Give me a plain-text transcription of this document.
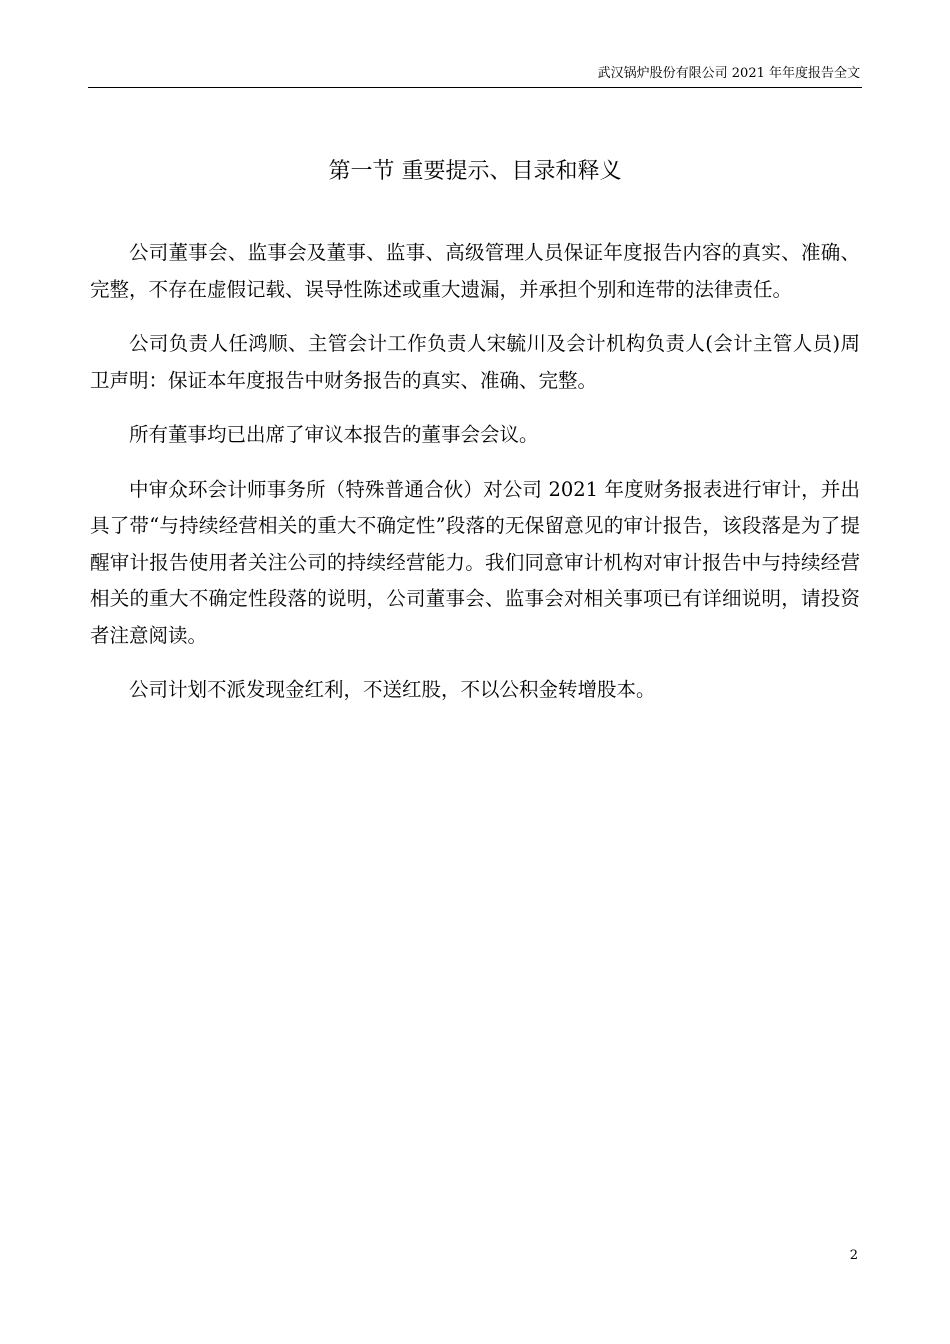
武汉锅炉股份有限公司 2021 年年度报告全文
第一节 重要提示、目录和释义

公司董事会、监事会及董事、监事、高级管理人员保证年度报告内容的真实、准确、完整，不存在虚假记载、误导性陈述或重大遗漏，并承担个别和连带的法律责任。

公司负责人任鸿顺、主管会计工作负责人宋毓川及会计机构负责人(会计主管人员)周卫声明：保证本年度报告中财务报告的真实、准确、完整。

所有董事均已出席了审议本报告的董事会会议。

中审众环会计师事务所（特殊普通合伙）对公司 2021 年度财务报表进行审计，并出具了带“与持续经营相关的重大不确定性”段落的无保留意见的审计报告，该段落是为了提醒审计报告使用者关注公司的持续经营能力。我们同意审计机构对审计报告中与持续经营相关的重大不确定性段落的说明，公司董事会、监事会对相关事项已有详细说明，请投资者注意阅读。

公司计划不派发现金红利，不送红股，不以公积金转增股本。

2
